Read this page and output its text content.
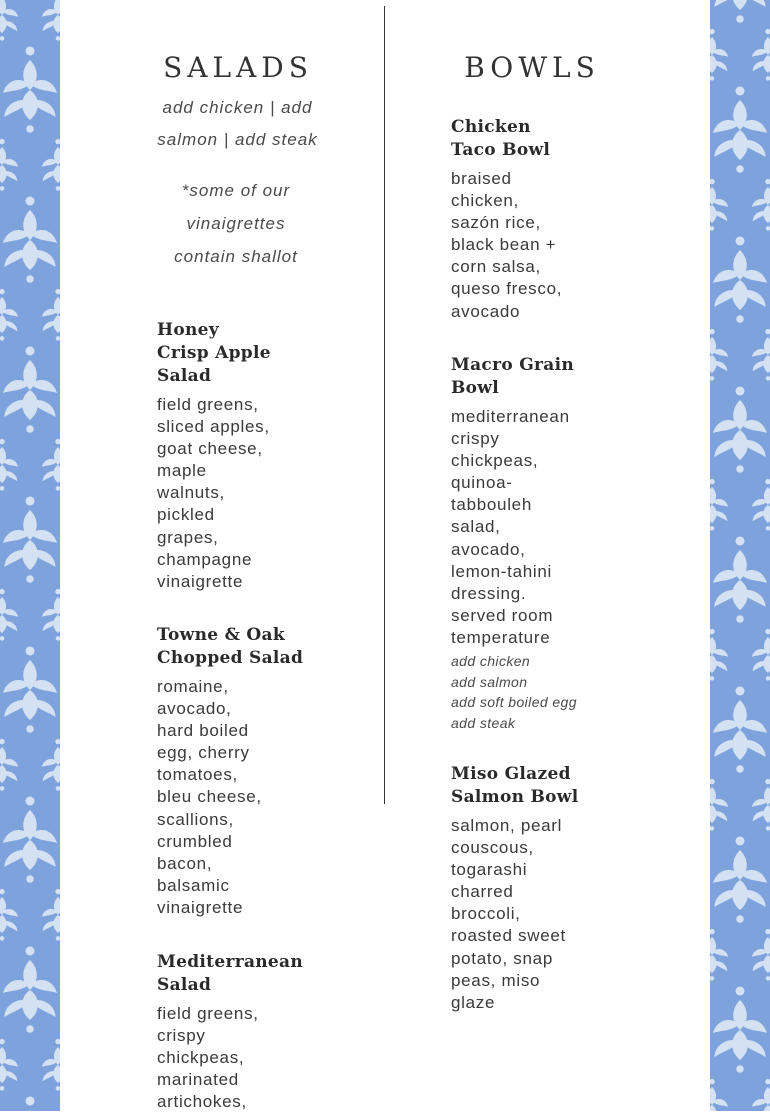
SALADS
add chicken | add salmon | add steak
*some of our vinaigrettes contain shallot
Honey Crisp Apple Salad

field greens, sliced apples, goat cheese, maple walnuts, pickled grapes, champagne vinaigrette

Towne & Oak Chopped Salad

romaine, avocado, hard boiled egg, cherry tomatoes, bleu cheese, scallions, crumbled bacon, balsamic vinaigrette

Mediterranean Salad

field greens, crispy chickpeas, marinated artichokes,

BOWLS
Chicken Taco Bowl

braised chicken, sazón rice, black bean + corn salsa, queso fresco, avocado

Macro Grain Bowl

mediterranean crispy chickpeas, quinoa-tabbouleh salad, avocado, lemon-tahini dressing. served room temperature

add chicken
add salmon
add soft boiled egg
add steak
Miso Glazed Salmon Bowl

salmon, pearl couscous, togarashi charred broccoli, roasted sweet potato, snap peas, miso glaze
